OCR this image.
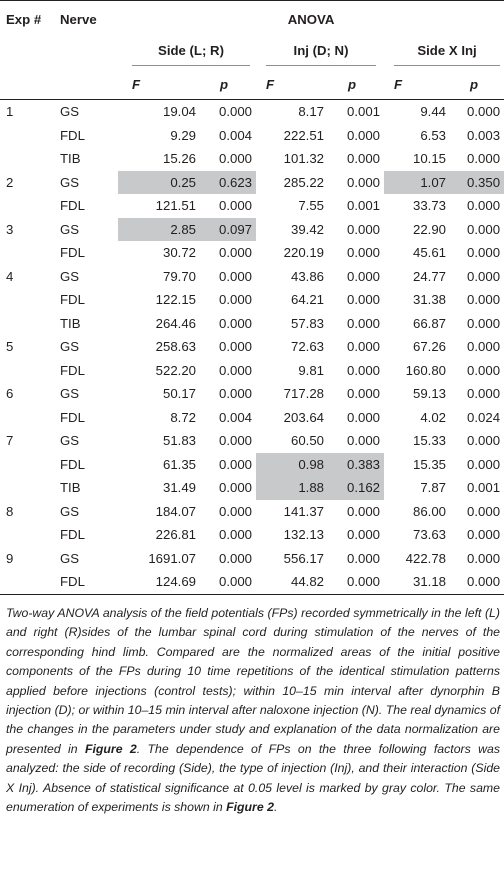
Exp #	Nerve	ANOVA					

		Side (L; R)		Inj (D; N)		Side X Inj	

		F	p	F	p	F	p
1	GS	19.04	0.000	8.17	0.001	9.44	0.000
	FDL	9.29	0.004	222.51	0.000	6.53	0.003
	TIB	15.26	0.000	101.32	0.000	10.15	0.000
2	GS	0.25	0.623	285.22	0.000	1.07	0.350
	FDL	121.51	0.000	7.55	0.001	33.73	0.000
3	GS	2.85	0.097	39.42	0.000	22.90	0.000
	FDL	30.72	0.000	220.19	0.000	45.61	0.000
4	GS	79.70	0.000	43.86	0.000	24.77	0.000
	FDL	122.15	0.000	64.21	0.000	31.38	0.000
	TIB	264.46	0.000	57.83	0.000	66.87	0.000
5	GS	258.63	0.000	72.63	0.000	67.26	0.000
	FDL	522.20	0.000	9.81	0.000	160.80	0.000
6	GS	50.17	0.000	717.28	0.000	59.13	0.000
	FDL	8.72	0.004	203.64	0.000	4.02	0.024
7	GS	51.83	0.000	60.50	0.000	15.33	0.000
	FDL	61.35	0.000	0.98	0.383	15.35	0.000
	TIB	31.49	0.000	1.88	0.162	7.87	0.001
8	GS	184.07	0.000	141.37	0.000	86.00	0.000
	FDL	226.81	0.000	132.13	0.000	73.63	0.000
9	GS	1691.07	0.000	556.17	0.000	422.78	0.000
	FDL	124.69	0.000	44.82	0.000	31.18	0.000

Two-way ANOVA analysis of the field potentials (FPs) recorded symmetrically in the left (L) and right (R)sides of the lumbar spinal cord during stimulation of the nerves of the corresponding hind limb. Compared are the normalized areas of the initial positive components of the FPs during 10 time repetitions of the identical stimulation patterns applied before injections (control tests); within 10–15 min interval after dynorphin B injection (D); or within 10–15 min interval after naloxone injection (N). The real dynamics of the changes in the parameters under study and explanation of the data normalization are presented in Figure 2. The dependence of FPs on the three following factors was analyzed: the side of recording (Side), the type of injection (Inj), and their interaction (Side X Inj). Absence of statistical significance at 0.05 level is marked by gray color. The same enumeration of experiments is shown in Figure 2.
